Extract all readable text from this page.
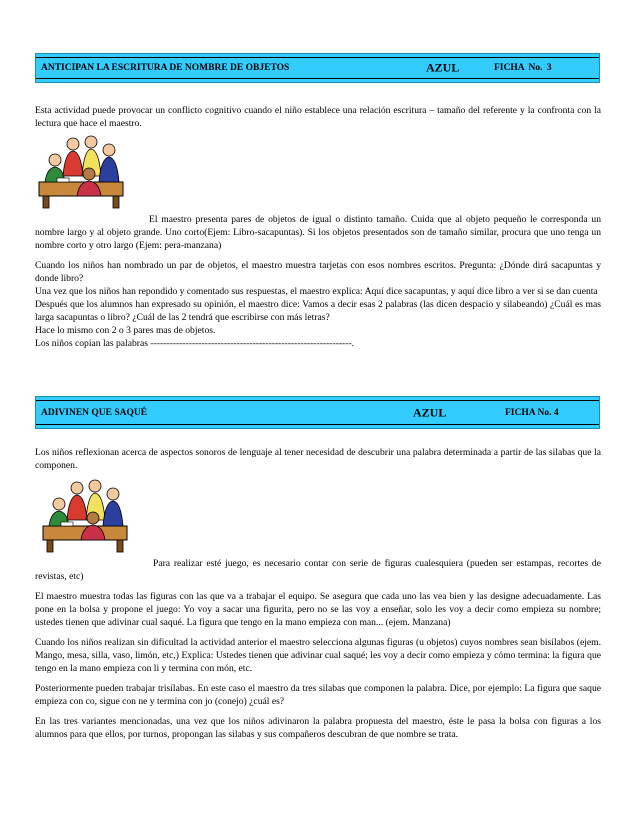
ANTICIPAN LA ESCRITURA DE NOMBRE DE OBJETOS	AZUL	FICHA No. 3

Esta actividad puede provocar un conflicto cognitivo cuando el niño establece una relación escritura – tamaño del referente y la confronta con la lectura que hace el maestro.

El maestro presenta pares de objetos de igual o distinto tamaño. Cuida que al objeto pequeño le corresponda un nombre largo y al objeto grande. Uno corto(Ejem: Libro-sacapuntas). Si los objetos presentados son de tamaño similar, procura que uno tenga un nombre corto y otro largo (Ejem: pera-manzana)

Cuando los niños han nombrado un par de objetos, el maestro muestra tarjetas con esos nombres escritos. Pregunta: ¿Dónde dirá sacapuntas y donde libro?

Una vez que los niños han repondido y comentado sus respuestas, el maestro explica: Aquí dice sacapuntas, y aquí dice libro a ver si se dan cuenta

Después que los alumnos han expresado su opinión, el maestro dice: Vamos a decir esas 2 palabras (las dicen despacio y silabeando) ¿Cuál es mas larga sacapuntas o libro? ¿Cuál de las 2 tendrá que escribirse con más letras?

Hace lo mismo con 2 o 3 pares mas de objetos.

Los niños copian las palabras ---------------------------------------------------------------.

ADIVINEN QUE SAQUÉ	AZUL	FICHA No. 4

Los niños reflexionan acerca de aspectos sonoros de lenguaje al tener necesidad de descubrir una palabra determinada a partir de las silabas que la componen.

Para realizar esté juego, es necesario contar con serie de figuras cualesquiera (pueden ser estampas, recortes de revistas, etc)

El maestro muestra todas las figuras con las que va a trabajar el equipo. Se asegura que cada uno las vea bien y las designe adecuadamente. Las pone en la bolsa y propone el juego: Yo voy a sacar una figurita, pero no se las voy a enseñar, solo les voy a decir como empieza su nombre; ustedes tienen que adivinar cual saqué. La figura que tengo en la mano empieza con man... (ejem. Manzana)

Cuando los niños realizan sin dificultad la actividad anterior el maestro selecciona algunas figuras (u objetos) cuyos nombres sean bisílabos (ejem. Mango, mesa, silla, vaso, limón, etc,) Explica: Ustedes tienen que adivinar cual saqué; les voy a decir como empieza y cómo termina: la figura que tengo en la mano empieza con li y termina con món, etc.

Posteriormente pueden trabajar trisílabas. En este caso el maestro da tres silabas que componen la palabra. Dice, por ejemplo: La figura que saque empieza con co, sigue con ne y termina con jo (conejo) ¿cuál es?

En las tres variantes mencionadas, una vez que los niños adivinaron la palabra propuesta del maestro, éste le pasa la bolsa con figuras a los alumnos para que ellos, por turnos, propongan las silabas y sus compañeros descubran de que nombre se trata.
